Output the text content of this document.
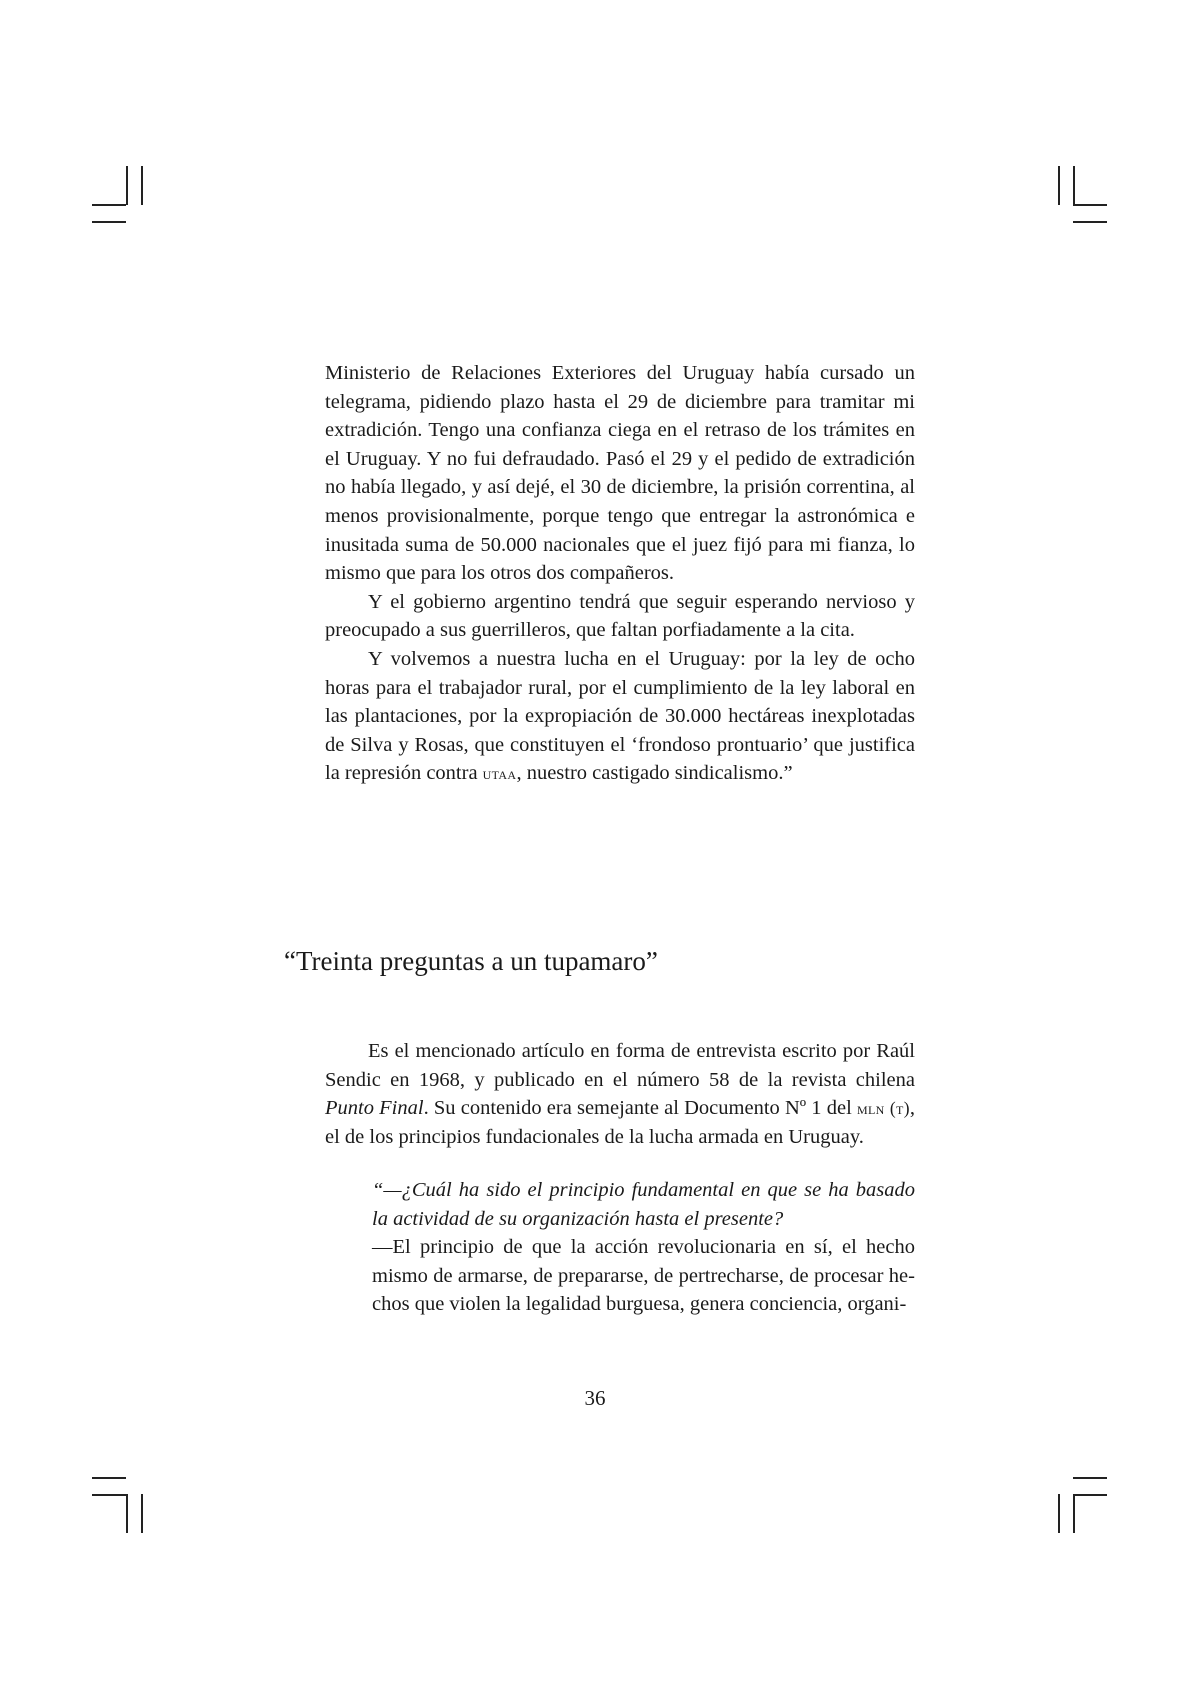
Ministerio de Relaciones Exteriores del Uruguay había cursado un telegrama, pidiendo plazo hasta el 29 de diciembre para tramitar mi extradición. Tengo una confianza ciega en el retraso de los trámites en el Uruguay. Y no fui defraudado. Pasó el 29 y el pedido de extradición no había llegado, y así dejé, el 30 de diciembre, la prisión correntina, al menos provisionalmente, porque tengo que entregar la astronómica e inusitada suma de 50.000 nacionales que el juez fijó para mi fianza, lo mismo que para los otros dos compañeros.

Y el gobierno argentino tendrá que seguir esperando nervioso y preocupado a sus guerrilleros, que faltan porfiadamente a la cita.

Y volvemos a nuestra lucha en el Uruguay: por la ley de ocho horas para el trabajador rural, por el cumplimiento de la ley laboral en las plantaciones, por la expropiación de 30.000 hectáreas inexplotadas de Silva y Rosas, que constituyen el ‘frondoso prontuario’ que justifica la represión contra utaa, nuestro castigado sindicalismo.”

“Treinta preguntas a un tupamaro”

Es el mencionado artículo en forma de entrevista escrito por Raúl Sendic en 1968, y publicado en el número 58 de la revista chilena Punto Final. Su contenido era semejante al Documento Nº 1 del mln (t), el de los principios fundacionales de la lucha armada en Uruguay.

“—¿Cuál ha sido el principio fundamental en que se ha basado la actividad de su organización hasta el presente?

—El principio de que la acción revolucionaria en sí, el hecho mismo de armarse, de prepararse, de pertrecharse, de procesar hechos que violen la legalidad burguesa, genera conciencia, organi-

36
